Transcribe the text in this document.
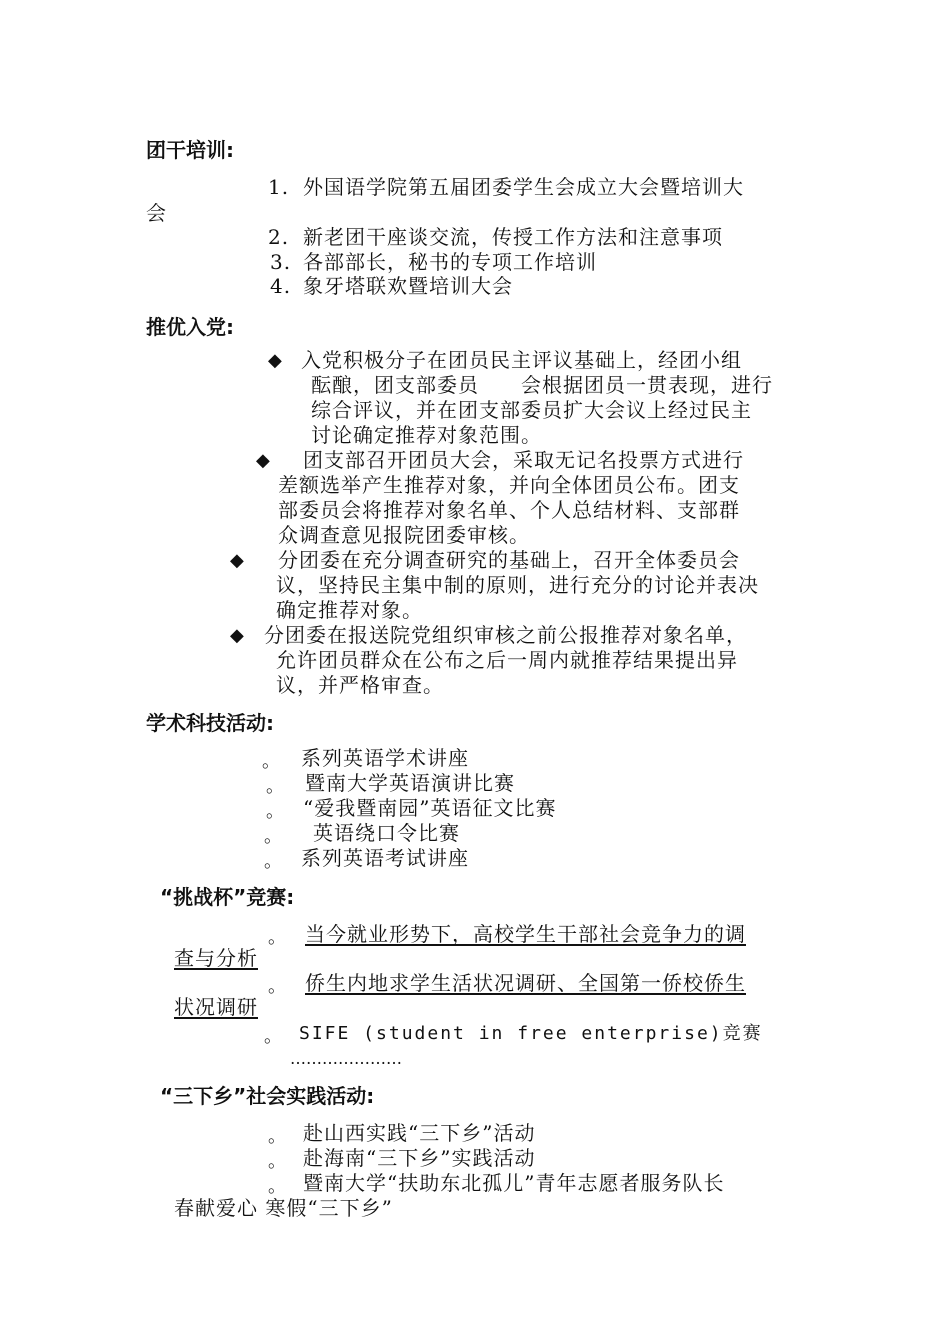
团干培训:
1. 外国语学院第五届团委学生会成立大会暨培训大
会
2. 新老团干座谈交流，传授工作方法和注意事项
3. 各部部长，秘书的专项工作培训
4. 象牙塔联欢暨培训大会
推优入党:
◆ 入党积极分子在团员民主评议基础上，经团小组
酝酿，团支部委员　　会根据团员一贯表现，进行
综合评议，并在团支部委员扩大会议上经过民主
讨论确定推荐对象范围。
◆ 团支部召开团员大会，采取无记名投票方式进行
差额选举产生推荐对象，并向全体团员公布。团支
部委员会将推荐对象名单、个人总结材料、支部群
众调查意见报院团委审核。
◆ 分团委在充分调查研究的基础上，召开全体委员会
议，坚持民主集中制的原则，进行充分的讨论并表决
确定推荐对象。
◆ 分团委在报送院党组织审核之前公报推荐对象名单，
允许团员群众在公布之后一周内就推荐结果提出异
议，并严格审查。
学术科技活动:
。 系列英语学术讲座
。 暨南大学英语演讲比赛
。 “爱我暨南园”英语征文比赛
。 英语绕口令比赛
。 系列英语考试讲座
“挑战杯”竞赛:
。 当今就业形势下，高校学生干部社会竞争力的调
查与分析
。 侨生内地求学生活状况调研、全国第一侨校侨生
状况调研
。 SIFE (student in free enterprise)竞赛
…………………
“三下乡”社会实践活动:
。 赴山西实践“三下乡”活动
。 赴海南“三下乡”实践活动
。 暨南大学“扶助东北孤儿”青年志愿者服务队长
春献爱心 寒假“三下乡”
